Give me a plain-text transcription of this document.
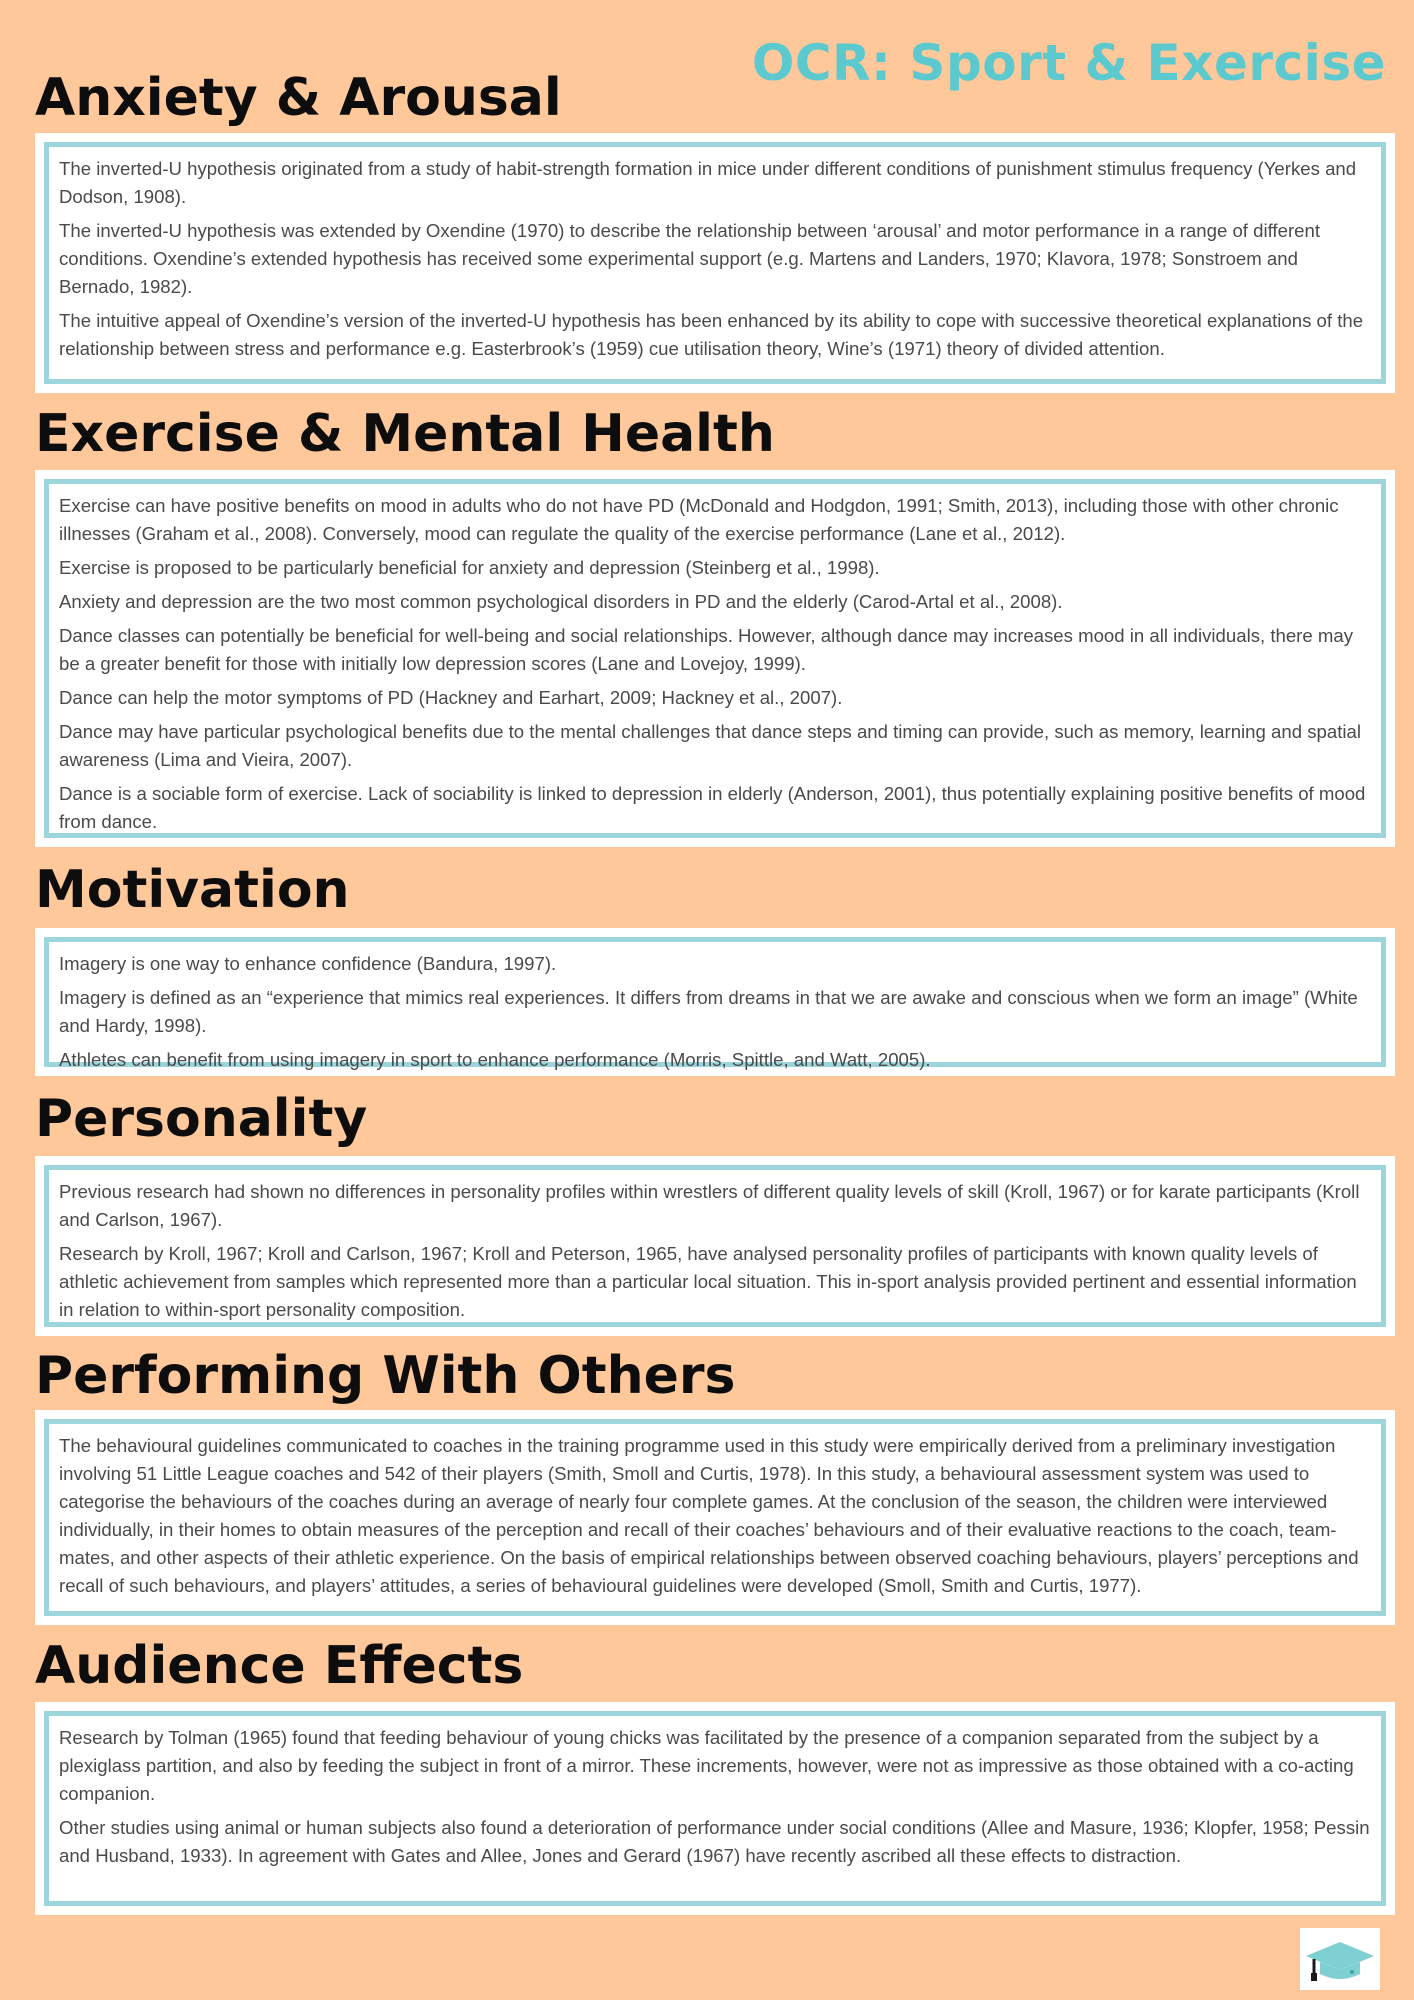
OCR: Sport & Exercise
Anxiety & Arousal

The inverted-U hypothesis originated from a study of habit-strength formation in mice under different conditions of punishment stimulus frequency (Yerkes and Dodson, 1908).

The inverted-U hypothesis was extended by Oxendine (1970) to describe the relationship between ‘arousal’ and motor performance in a range of different conditions. Oxendine’s extended hypothesis has received some experimental support (e.g. Martens and Landers, 1970; Klavora, 1978; Sonstroem and Bernado, 1982).

The intuitive appeal of Oxendine’s version of the inverted-U hypothesis has been enhanced by its ability to cope with successive theoretical explanations of the relationship between stress and performance e.g. Easterbrook’s (1959) cue utilisation theory, Wine’s (1971) theory of divided attention.

Exercise & Mental Health

Exercise can have positive benefits on mood in adults who do not have PD (McDonald and Hodgdon, 1991; Smith, 2013), including those with other chronic illnesses (Graham et al., 2008). Conversely, mood can regulate the quality of the exercise performance (Lane et al., 2012).

Exercise is proposed to be particularly beneficial for anxiety and depression (Steinberg et al., 1998).

Anxiety and depression are the two most common psychological disorders in PD and the elderly (Carod-Artal et al., 2008).

Dance classes can potentially be beneficial for well-being and social relationships. However, although dance may increases mood in all individuals, there may be a greater benefit for those with initially low depression scores (Lane and Lovejoy, 1999).

Dance can help the motor symptoms of PD (Hackney and Earhart, 2009; Hackney et al., 2007).

Dance may have particular psychological benefits due to the mental challenges that dance steps and timing can provide, such as memory, learning and spatial awareness (Lima and Vieira, 2007).

Dance is a sociable form of exercise. Lack of sociability is linked to depression in elderly (Anderson, 2001), thus potentially explaining positive benefits of mood from dance.

Motivation

Imagery is one way to enhance confidence (Bandura, 1997).

Imagery is defined as an “experience that mimics real experiences. It differs from dreams in that we are awake and conscious when we form an image” (White and Hardy, 1998).

Athletes can benefit from using imagery in sport to enhance performance (Morris, Spittle, and Watt, 2005).

Personality

Previous research had shown no differences in personality profiles within wrestlers of different quality levels of skill (Kroll, 1967) or for karate participants (Kroll and Carlson, 1967).

Research by Kroll, 1967; Kroll and Carlson, 1967; Kroll and Peterson, 1965, have analysed personality profiles of participants with known quality levels of athletic achievement from samples which represented more than a particular local situation. This in-sport analysis provided pertinent and essential information in relation to within-sport personality composition.

Performing With Others

The behavioural guidelines communicated to coaches in the training programme used in this study were empirically derived from a preliminary investigation involving 51 Little League coaches and 542 of their players (Smith, Smoll and Curtis, 1978). In this study, a behavioural assessment system was used to categorise the behaviours of the coaches during an average of nearly four complete games. At the conclusion of the season, the children were interviewed individually, in their homes to obtain measures of the perception and recall of their coaches’ behaviours and of their evaluative reactions to the coach, team-mates, and other aspects of their athletic experience. On the basis of empirical relationships between observed coaching behaviours, players’ perceptions and recall of such behaviours, and players’ attitudes, a series of behavioural guidelines were developed (Smoll, Smith and Curtis, 1977).

Audience Effects

Research by Tolman (1965) found that feeding behaviour of young chicks was facilitated by the presence of a companion separated from the subject by a plexiglass partition, and also by feeding the subject in front of a mirror. These increments, however, were not as impressive as those obtained with a co-acting companion.

Other studies using animal or human subjects also found a deterioration of performance under social conditions (Allee and Masure, 1936; Klopfer, 1958; Pessin and Husband, 1933). In agreement with Gates and Allee, Jones and Gerard (1967) have recently ascribed all these effects to distraction.
